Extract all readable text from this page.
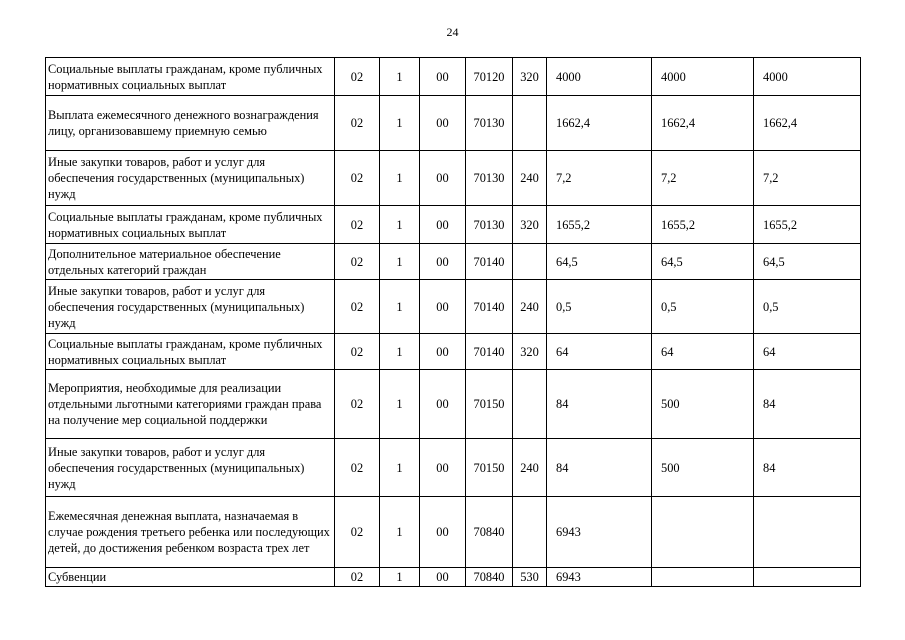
24
Социальные выплаты гражданам, кроме публичных нормативных социальных выплат	02	1	00	70120	320	4000	4000	4000
Выплата ежемесячного денежного вознаграждения лицу, организовавшему приемную семью	02	1	00	70130		1662,4	1662,4	1662,4
Иные закупки товаров, работ и услуг для обеспечения государственных (муниципальных) нужд	02	1	00	70130	240	7,2	7,2	7,2
Социальные выплаты гражданам, кроме публичных нормативных социальных выплат	02	1	00	70130	320	1655,2	1655,2	1655,2
Дополнительное материальное обеспечение отдельных категорий граждан	02	1	00	70140		64,5	64,5	64,5
Иные закупки товаров, работ и услуг для обеспечения государственных (муниципальных) нужд	02	1	00	70140	240	0,5	0,5	0,5
Социальные выплаты гражданам, кроме публичных нормативных социальных выплат	02	1	00	70140	320	64	64	64
Мероприятия, необходимые для реализации отдельными льготными категориями граждан права на получение мер социальной поддержки	02	1	00	70150		84	500	84
Иные закупки товаров, работ и услуг для обеспечения государственных (муниципальных) нужд	02	1	00	70150	240	84	500	84
Ежемесячная денежная выплата, назначаемая в случае рождения третьего ребенка или последующих детей, до достижения ребенком возраста трех лет	02	1	00	70840		6943		
Субвенции	02	1	00	70840	530	6943		
